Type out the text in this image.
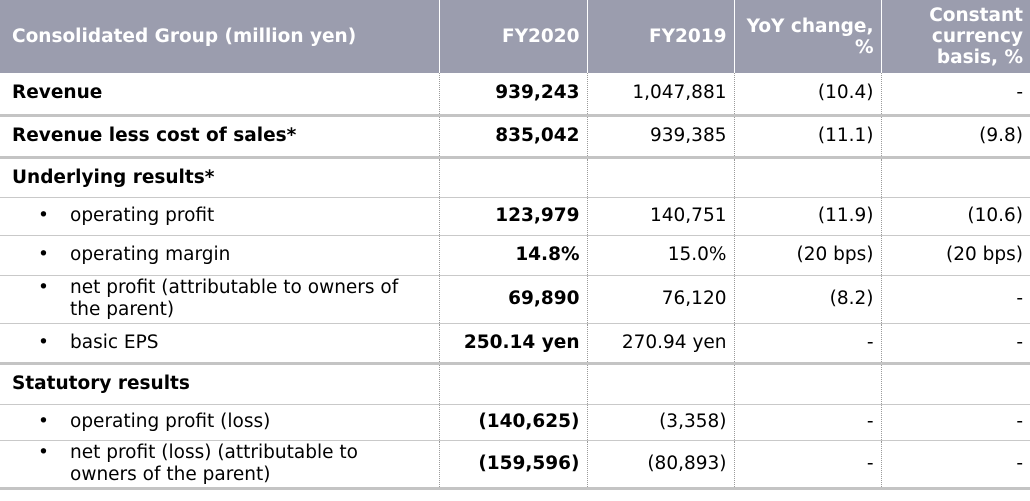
Consolidated Group (million yen)	FY2020	FY2019	YoY change, %	Constant currency basis, %
Revenue	939,243	1,047,881	(10.4)	-
Revenue less cost of sales*	835,042	939,385	(11.1)	(9.8)
Underlying results*				
• operating profit	123,979	140,751	(11.9)	(10.6)
• operating margin	14.8%	15.0%	(20 bps)	(20 bps)
• net profit (attributable to owners of the parent)	69,890	76,120	(8.2)	-
• basic EPS	250.14 yen	270.94 yen	-	-
Statutory results				
• operating profit (loss)	(140,625)	(3,358)	-	-
• net profit (loss) (attributable to owners of the parent)	(159,596)	(80,893)	-	-
